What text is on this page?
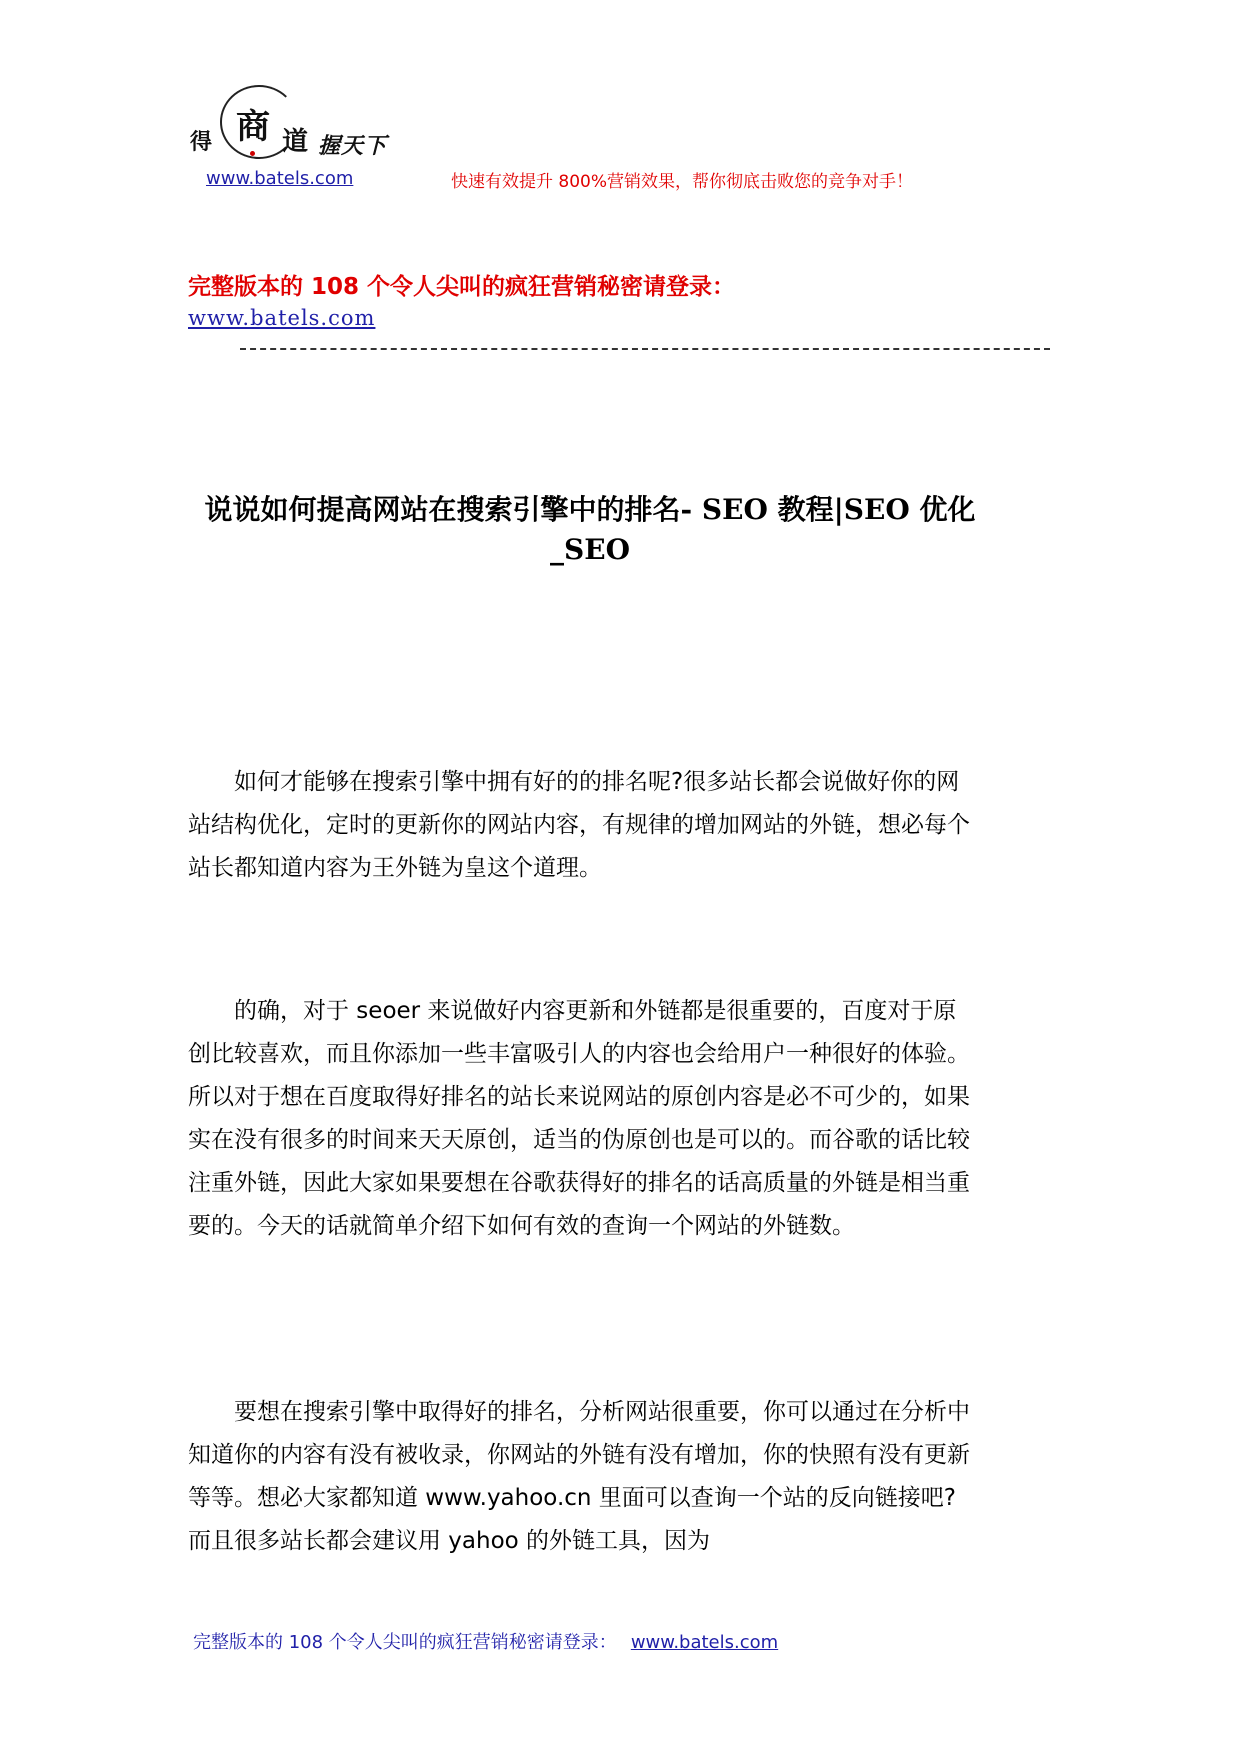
得 商 道 握天下
www.batels.com	快速有效提升 800%营销效果，帮你彻底击败您的竞争对手！
完整版本的 108 个令人尖叫的疯狂营销秘密请登录：
www.batels.com
说说如何提高网站在搜索引擎中的排名- SEO 教程|SEO 优化 _SEO

如何才能够在搜索引擎中拥有好的的排名呢?很多站长都会说做好你的网站结构优化，定时的更新你的网站内容，有规律的增加网站的外链，想必每个站长都知道内容为王外链为皇这个道理。

的确，对于 seoer 来说做好内容更新和外链都是很重要的，百度对于原创比较喜欢，而且你添加一些丰富吸引人的内容也会给用户一种很好的体验。所以对于想在百度取得好排名的站长来说网站的原创内容是必不可少的，如果实在没有很多的时间来天天原创，适当的伪原创也是可以的。而谷歌的话比较注重外链，因此大家如果要想在谷歌获得好的排名的话高质量的外链是相当重要的。今天的话就简单介绍下如何有效的查询一个网站的外链数。

要想在搜索引擎中取得好的排名，分析网站很重要，你可以通过在分析中知道你的内容有没有被收录，你网站的外链有没有增加，你的快照有没有更新等等。想必大家都知道 www.yahoo.cn 里面可以查询一个站的反向链接吧?而且很多站长都会建议用 yahoo 的外链工具，因为

完整版本的 108 个令人尖叫的疯狂营销秘密请登录： www.batels.com
